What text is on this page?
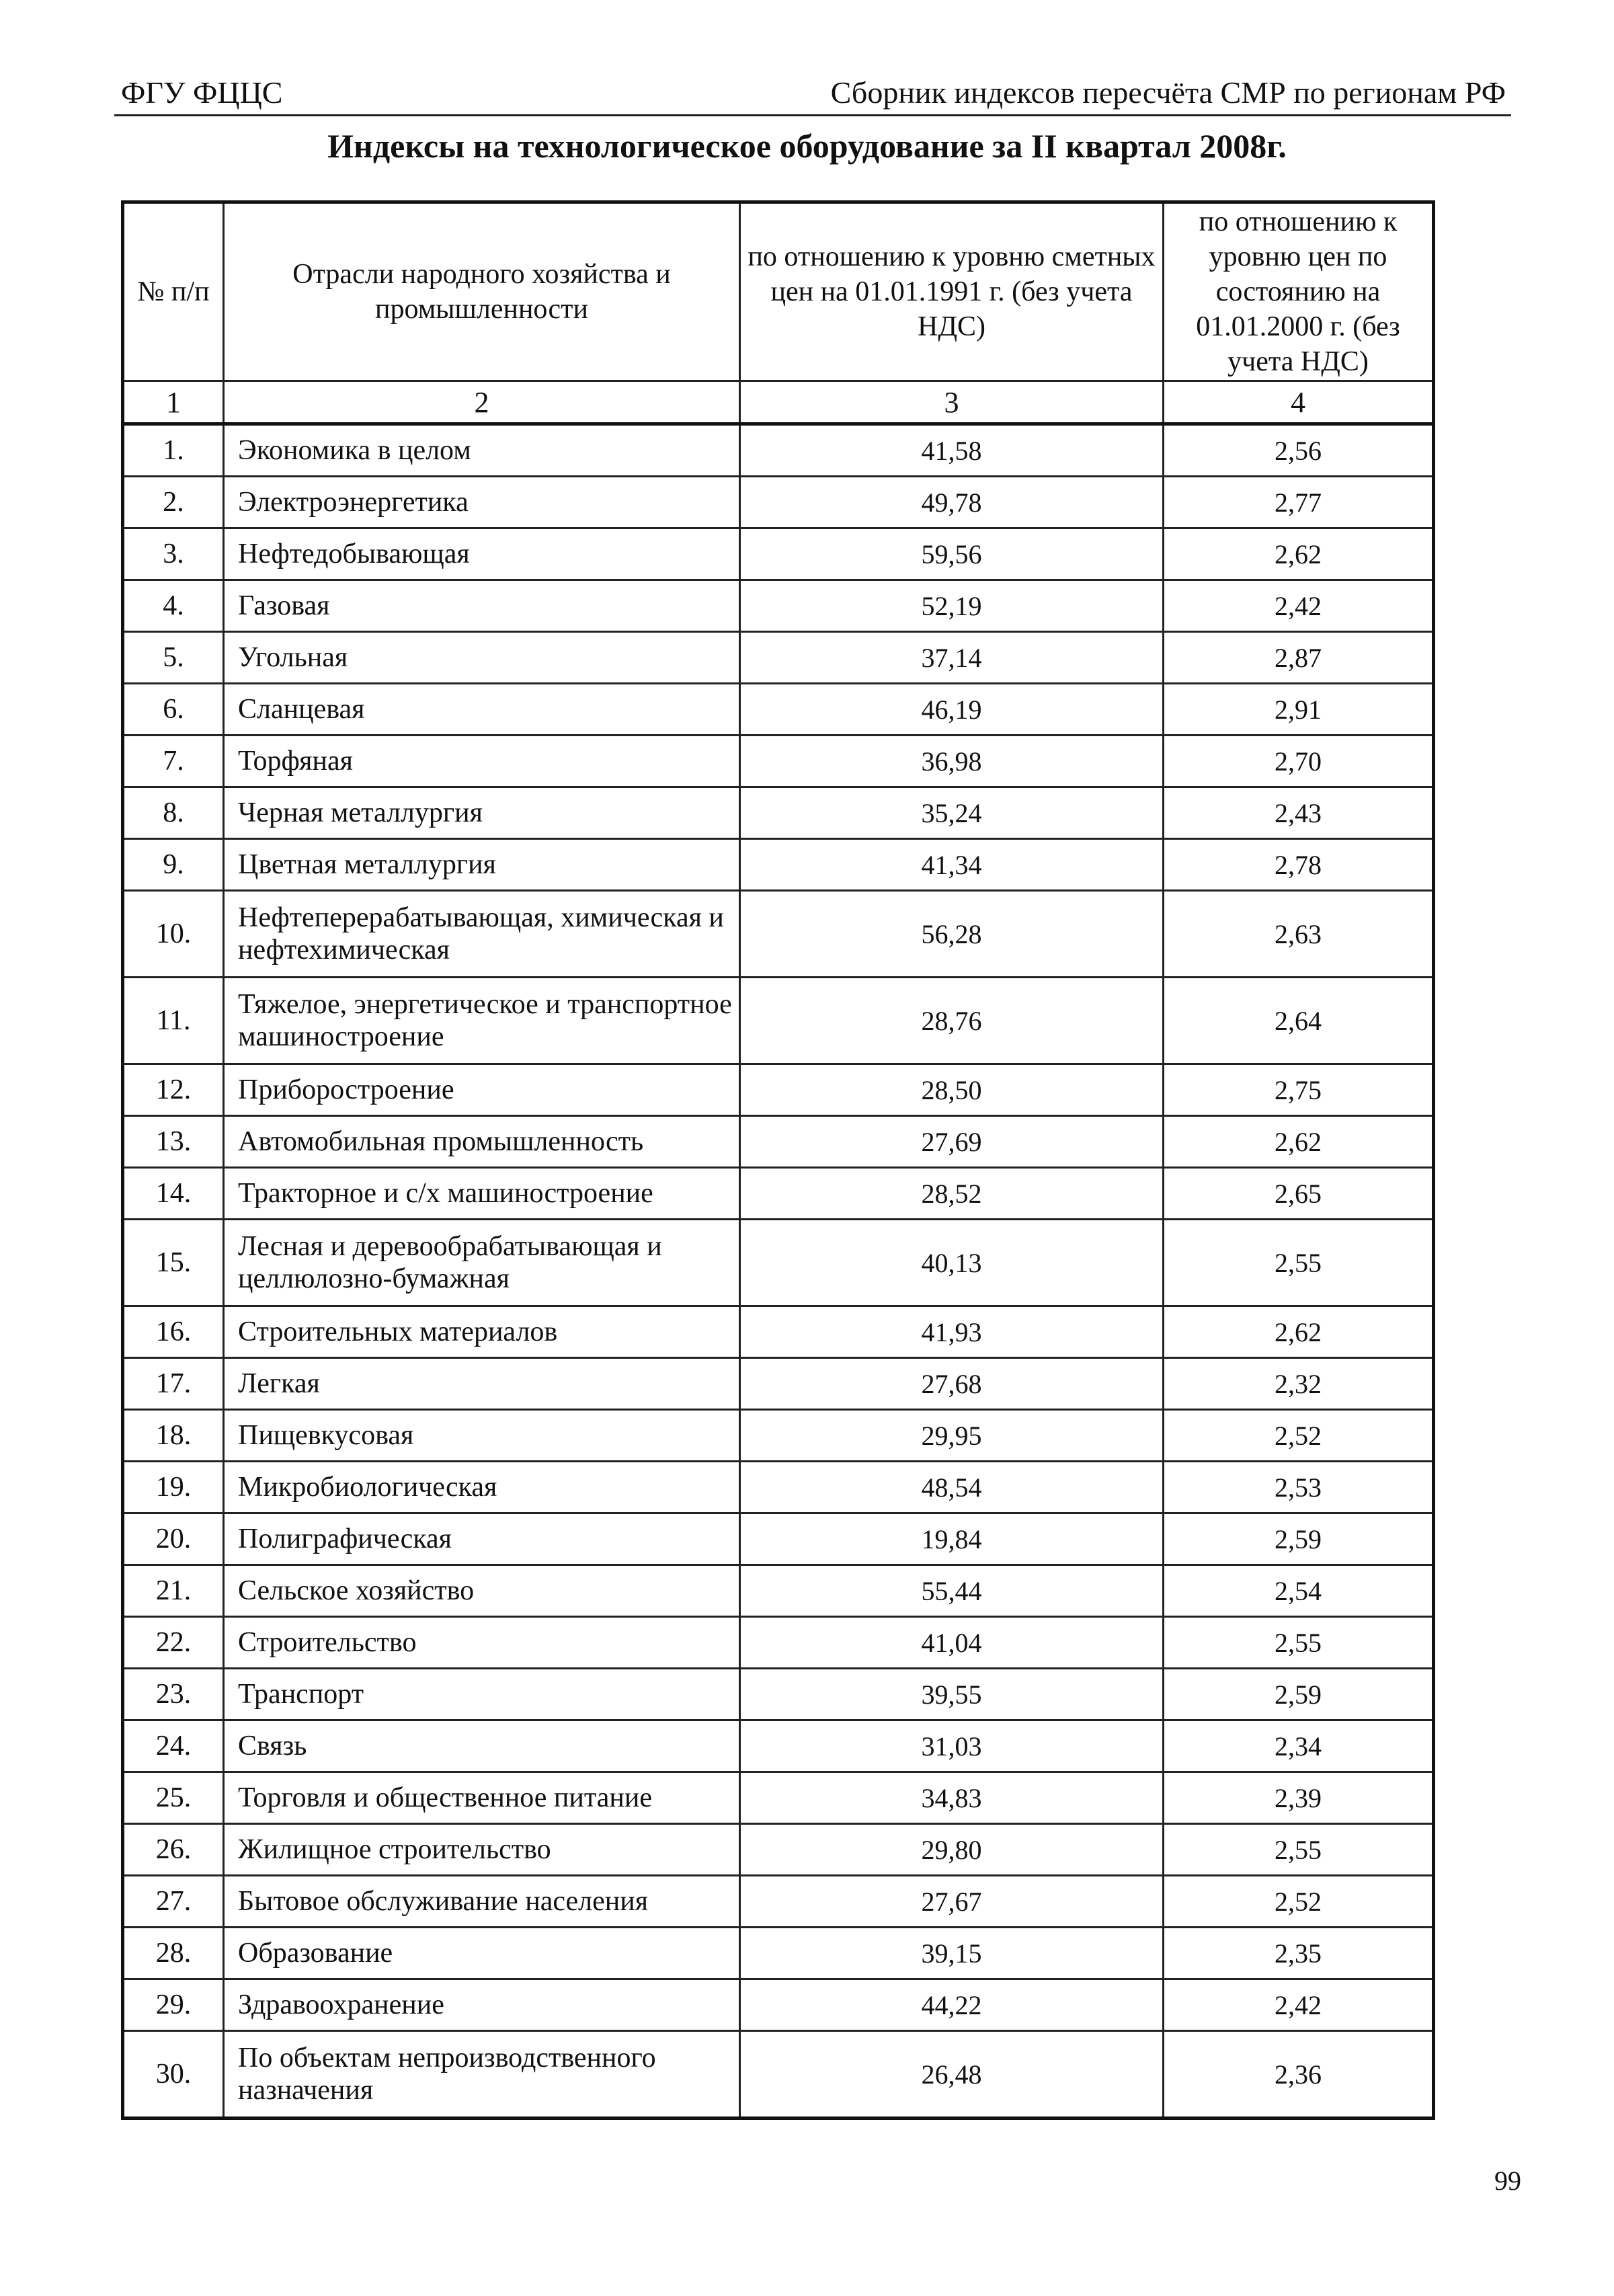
ФГУ ФЦЦС	Сборник индексов пересчёта СМР по регионам РФ
Индексы на технологическое оборудование за II квартал 2008г.
№ п/п	Отрасли народного хозяйства и промышленности	по отношению к уровню сметных цен на 01.01.1991 г. (без учета НДС)	по отношению к уровню цен по состоянию на 01.01.2000 г. (без учета НДС)
1	2	3	4
1.	Экономика в целом	41,58	2,56
2.	Электроэнергетика	49,78	2,77
3.	Нефтедобывающая	59,56	2,62
4.	Газовая	52,19	2,42
5.	Угольная	37,14	2,87
6.	Сланцевая	46,19	2,91
7.	Торфяная	36,98	2,70
8.	Черная металлургия	35,24	2,43
9.	Цветная металлургия	41,34	2,78
10.	Нефтеперерабатывающая, химическая и нефтехимическая	56,28	2,63
11.	Тяжелое, энергетическое и транспортное машиностроение	28,76	2,64
12.	Приборостроение	28,50	2,75
13.	Автомобильная промышленность	27,69	2,62
14.	Тракторное и с/х машиностроение	28,52	2,65
15.	Лесная и деревообрабатывающая и целлюлозно-бумажная	40,13	2,55
16.	Строительных материалов	41,93	2,62
17.	Легкая	27,68	2,32
18.	Пищевкусовая	29,95	2,52
19.	Микробиологическая	48,54	2,53
20.	Полиграфическая	19,84	2,59
21.	Сельское хозяйство	55,44	2,54
22.	Строительство	41,04	2,55
23.	Транспорт	39,55	2,59
24.	Связь	31,03	2,34
25.	Торговля и общественное питание	34,83	2,39
26.	Жилищное строительство	29,80	2,55
27.	Бытовое обслуживание населения	27,67	2,52
28.	Образование	39,15	2,35
29.	Здравоохранение	44,22	2,42
30.	По объектам непроизводственного назначения	26,48	2,36
99
